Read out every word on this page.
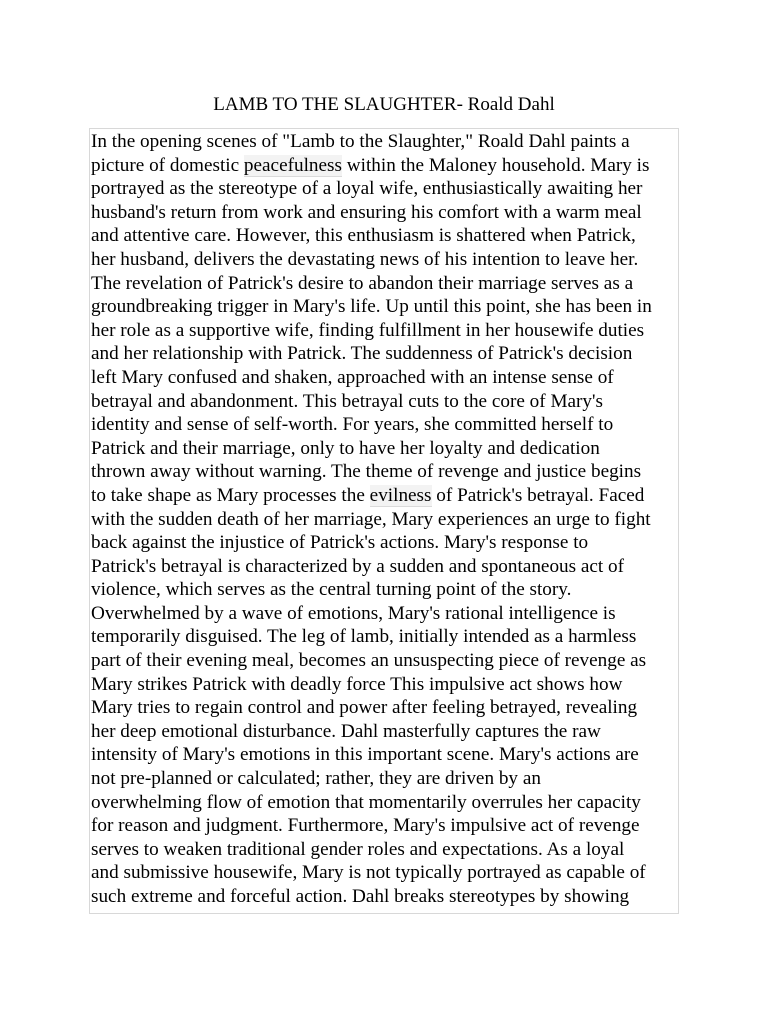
LAMB TO THE SLAUGHTER- Roald Dahl
In the opening scenes of "Lamb to the Slaughter," Roald Dahl paints a
picture of domestic peacefulness within the Maloney household. Mary is
portrayed as the stereotype of a loyal wife, enthusiastically awaiting her
husband's return from work and ensuring his comfort with a warm meal
and attentive care. However, this enthusiasm is shattered when Patrick,
her husband, delivers the devastating news of his intention to leave her.
The revelation of Patrick's desire to abandon their marriage serves as a
groundbreaking trigger in Mary's life. Up until this point, she has been in
her role as a supportive wife, finding fulfillment in her housewife duties
and her relationship with Patrick. The suddenness of Patrick's decision
left Mary confused and shaken, approached with an intense sense of
betrayal and abandonment. This betrayal cuts to the core of Mary's
identity and sense of self-worth. For years, she committed herself to
Patrick and their marriage, only to have her loyalty and dedication
thrown away without warning. The theme of revenge and justice begins
to take shape as Mary processes the evilness of Patrick's betrayal. Faced
with the sudden death of her marriage, Mary experiences an urge to fight
back against the injustice of Patrick's actions. Mary's response to
Patrick's betrayal is characterized by a sudden and spontaneous act of
violence, which serves as the central turning point of the story.
Overwhelmed by a wave of emotions, Mary's rational intelligence is
temporarily disguised. The leg of lamb, initially intended as a harmless
part of their evening meal, becomes an unsuspecting piece of revenge as
Mary strikes Patrick with deadly force This impulsive act shows how
Mary tries to regain control and power after feeling betrayed, revealing
her deep emotional disturbance. Dahl masterfully captures the raw
intensity of Mary's emotions in this important scene. Mary's actions are
not pre-planned or calculated; rather, they are driven by an
overwhelming flow of emotion that momentarily overrules her capacity
for reason and judgment. Furthermore, Mary's impulsive act of revenge
serves to weaken traditional gender roles and expectations. As a loyal
and submissive housewife, Mary is not typically portrayed as capable of
such extreme and forceful action. Dahl breaks stereotypes by showing
